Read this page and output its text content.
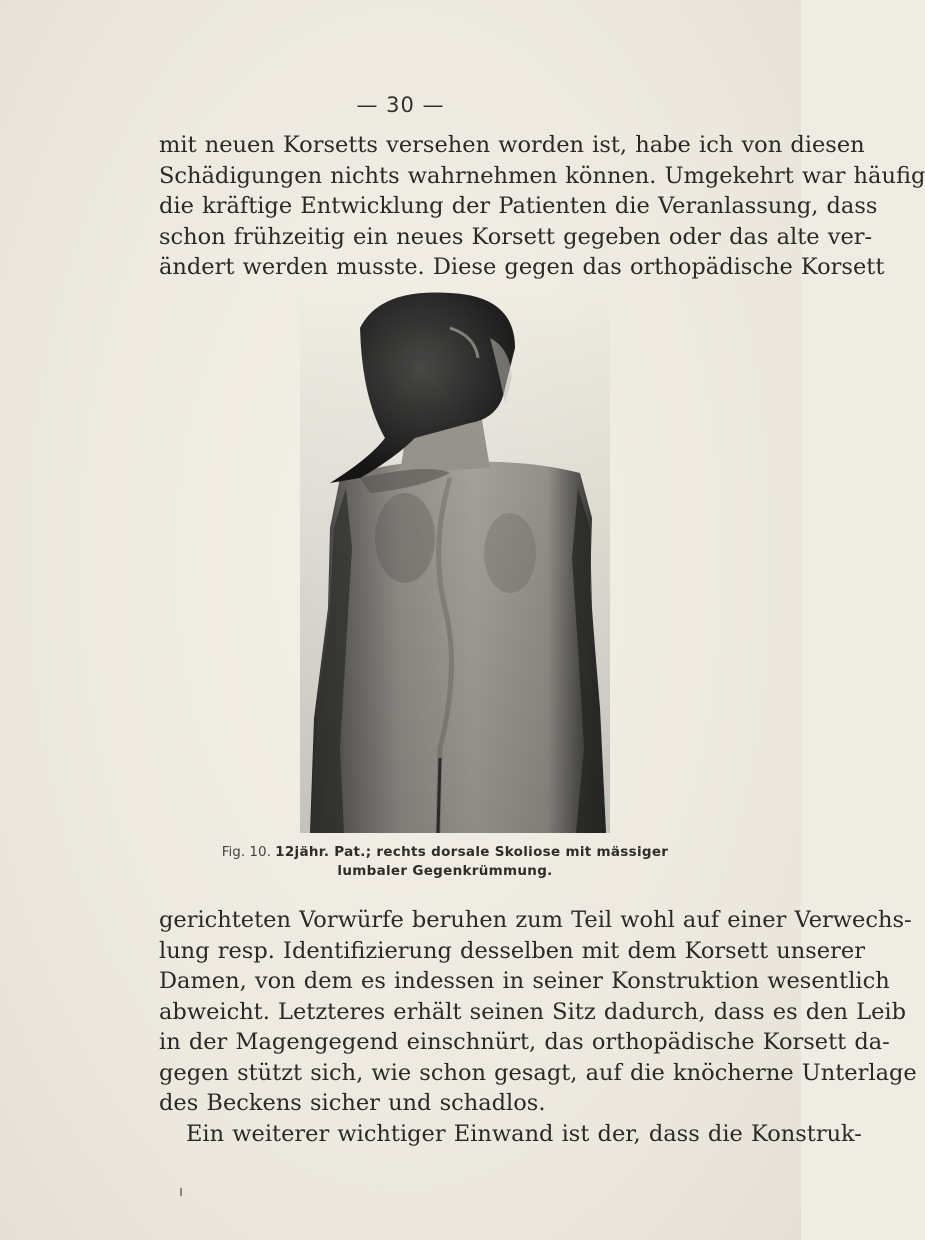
— 30 —
mit neuen Korsetts versehen worden ist, habe ich von diesen
Schädigungen nichts wahrnehmen können. Umgekehrt war häufig
die kräftige Entwicklung der Patienten die Veranlassung, dass
schon frühzeitig ein neues Korsett gegeben oder das alte ver-
ändert werden musste. Diese gegen das orthopädische Korsett
Fig. 10. 12jähr. Pat.; rechts dorsale Skoliose mit mässiger
lumbaler Gegenkrümmung.
gerichteten Vorwürfe beruhen zum Teil wohl auf einer Verwechs-
lung resp. Identifizierung desselben mit dem Korsett unserer
Damen, von dem es indessen in seiner Konstruktion wesentlich
abweicht. Letzteres erhält seinen Sitz dadurch, dass es den Leib
in der Magengegend einschnürt, das orthopädische Korsett da-
gegen stützt sich, wie schon gesagt, auf die knöcherne Unterlage
des Beckens sicher und schadlos.
Ein weiterer wichtiger Einwand ist der, dass die Konstruk-
